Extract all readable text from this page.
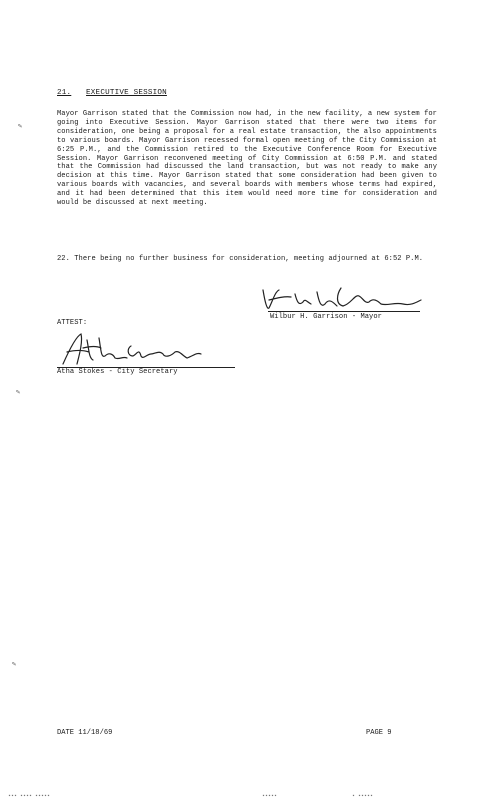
✎
✎
✎
21. EXECUTIVE SESSION
Mayor Garrison stated that the Commission now had, in the new facility, a new system for going into Executive Session. Mayor Garrison stated that there were two items for consideration, one being a proposal for a real estate transaction, the also appointments to various boards. Mayor Garrison recessed formal open meeting of the City Commission at 6:25 P.M., and the Commission retired to the Executive Conference Room for Executive Session. Mayor Garrison reconvened meeting of City Commission at 6:50 P.M. and stated that the Commission had discussed the land transaction, but was not ready to make any decision at this time. Mayor Garrison stated that some consideration had been given to various boards with vacancies, and several boards with members whose terms had expired, and it had been determined that this item would need more time for consideration and would be discussed at next meeting.
22. There being no further business for consideration, meeting adjourned at 6:52 P.M.
Wilbur H. Garrison - Mayor
ATTEST:
Atha Stokes - City Secretary
DATE 11/18/69	PAGE 9
▪▪▪ ▪▪▪▪ ▪▪▪▪▪	▪▪▪▪▪	▪ ▪▪▪▪▪
